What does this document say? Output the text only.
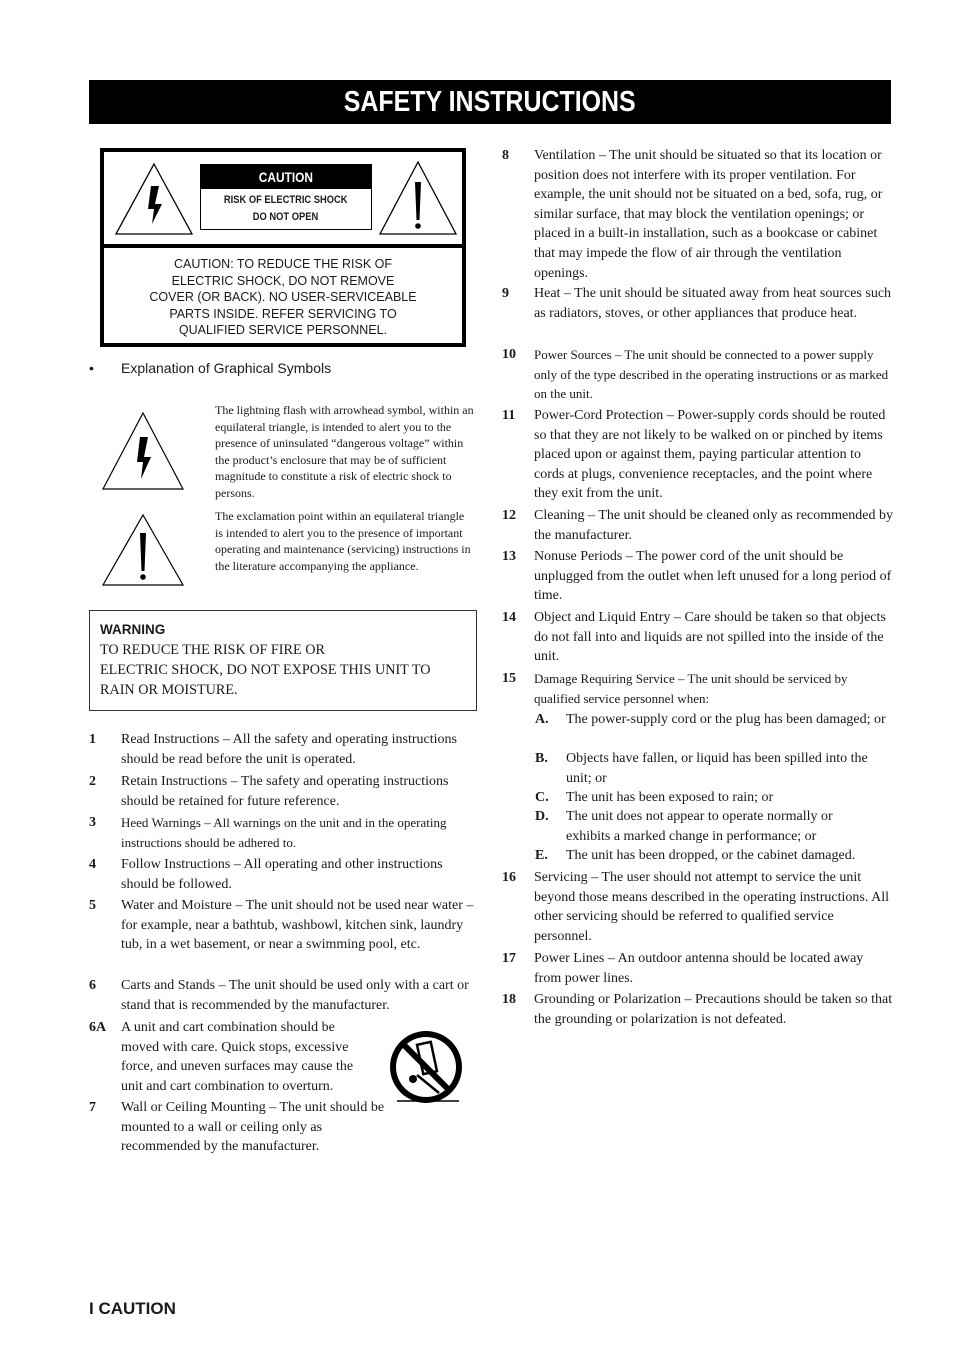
SAFETY INSTRUCTIONS
CAUTION
RISK OF ELECTRIC SHOCK
DO NOT OPEN
CAUTION: TO REDUCE THE RISK OF
ELECTRIC SHOCK, DO NOT REMOVE
COVER (OR BACK). NO USER-SERVICEABLE
PARTS INSIDE. REFER SERVICING TO
QUALIFIED SERVICE PERSONNEL.
• Explanation of Graphical Symbols
The lightning flash with arrowhead symbol, within an equilateral triangle, is intended to alert you to the presence of uninsulated “dangerous voltage” within the product’s enclosure that may be of sufficient magnitude to constitute a risk of electric shock to persons.
The exclamation point within an equilateral triangle is intended to alert you to the presence of important operating and maintenance (servicing) instructions in the literature accompanying the appliance.
WARNING
TO REDUCE THE RISK OF FIRE OR
ELECTRIC SHOCK, DO NOT EXPOSE THIS UNIT TO
RAIN OR MOISTURE.
1 Read Instructions – All the safety and operating instructions should be read before the unit is operated.
2 Retain Instructions – The safety and operating instructions should be retained for future reference.
3 Heed Warnings – All warnings on the unit and in the operating instructions should be adhered to.
4 Follow Instructions – All operating and other instructions should be followed.
5 Water and Moisture – The unit should not be used near water – for example, near a bathtub, washbowl, kitchen sink, laundry tub, in a wet basement, or near a swimming pool, etc.
6 Carts and Stands – The unit should be used only with a cart or stand that is recommended by the manufacturer.
6A A unit and cart combination should be moved with care. Quick stops, excessive force, and uneven surfaces may cause the unit and cart combination to overturn.
7 Wall or Ceiling Mounting – The unit should be mounted to a wall or ceiling only as recommended by the manufacturer.
8 Ventilation – The unit should be situated so that its location or position does not interfere with its proper ventilation. For example, the unit should not be situated on a bed, sofa, rug, or similar surface, that may block the ventilation openings; or placed in a built-in installation, such as a bookcase or cabinet that may impede the flow of air through the ventilation openings.
9 Heat – The unit should be situated away from heat sources such as radiators, stoves, or other appliances that produce heat.
10 Power Sources – The unit should be connected to a power supply only of the type described in the operating instructions or as marked on the unit.
11 Power-Cord Protection – Power-supply cords should be routed so that they are not likely to be walked on or pinched by items placed upon or against them, paying particular attention to cords at plugs, convenience receptacles, and the point where they exit from the unit.
12 Cleaning – The unit should be cleaned only as recommended by the manufacturer.
13 Nonuse Periods – The power cord of the unit should be unplugged from the outlet when left unused for a long period of time.
14 Object and Liquid Entry – Care should be taken so that objects do not fall into and liquids are not spilled into the inside of the unit.
15 Damage Requiring Service – The unit should be serviced by qualified service personnel when:
A. The power-supply cord or the plug has been damaged; or
B. Objects have fallen, or liquid has been spilled into the unit; or
C. The unit has been exposed to rain; or
D. The unit does not appear to operate normally or exhibits a marked change in performance; or
E. The unit has been dropped, or the cabinet damaged.
16 Servicing – The user should not attempt to service the unit beyond those means described in the operating instructions. All other servicing should be referred to qualified service personnel.
17 Power Lines – An outdoor antenna should be located away from power lines.
18 Grounding or Polarization – Precautions should be taken so that the grounding or polarization is not defeated.
I CAUTION
